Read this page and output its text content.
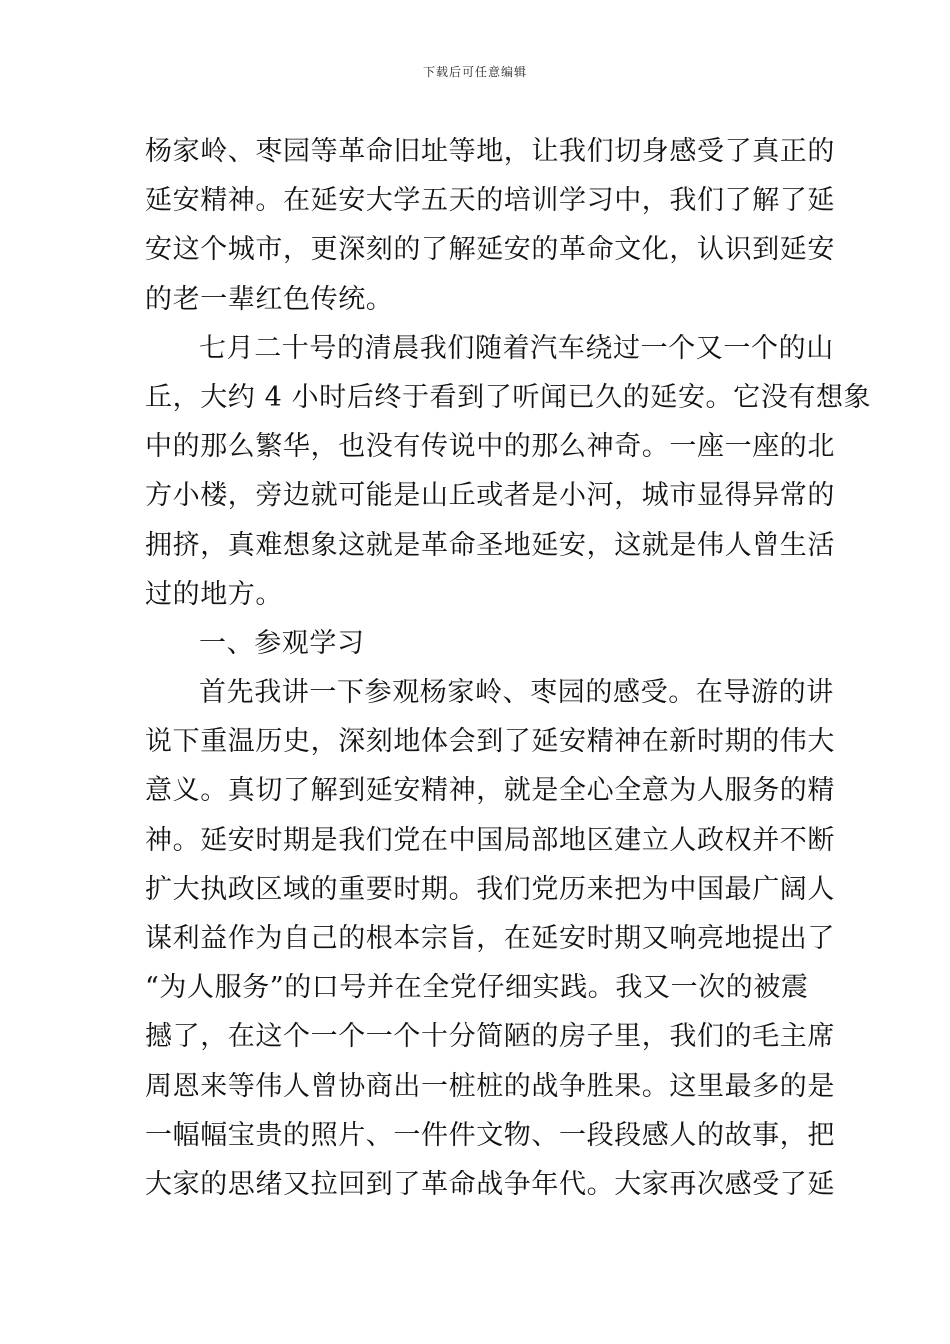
下载后可任意编辑
杨家岭、枣园等革命旧址等地，让我们切身感受了真正的
延安精神。在延安大学五天的培训学习中，我们了解了延
安这个城市，更深刻的了解延安的革命文化，认识到延安
的老一辈红色传统。
七月二十号的清晨我们随着汽车绕过一个又一个的山
丘，大约 4 小时后终于看到了听闻已久的延安。它没有想象
中的那么繁华，也没有传说中的那么神奇。一座一座的北
方小楼，旁边就可能是山丘或者是小河，城市显得异常的
拥挤，真难想象这就是革命圣地延安，这就是伟人曾生活
过的地方。
一、参观学习
首先我讲一下参观杨家岭、枣园的感受。在导游的讲
说下重温历史，深刻地体会到了延安精神在新时期的伟大
意义。真切了解到延安精神，就是全心全意为人服务的精
神。延安时期是我们党在中国局部地区建立人政权并不断
扩大执政区域的重要时期。我们党历来把为中国最广阔人
谋利益作为自己的根本宗旨，在延安时期又响亮地提出了
“为人服务”的口号并在全党仔细实践。我又一次的被震
撼了，在这个一个一个十分简陋的房子里，我们的毛主席
周恩来等伟人曾协商出一桩桩的战争胜果。这里最多的是
一幅幅宝贵的照片、一件件文物、一段段感人的故事，把
大家的思绪又拉回到了革命战争年代。大家再次感受了延
